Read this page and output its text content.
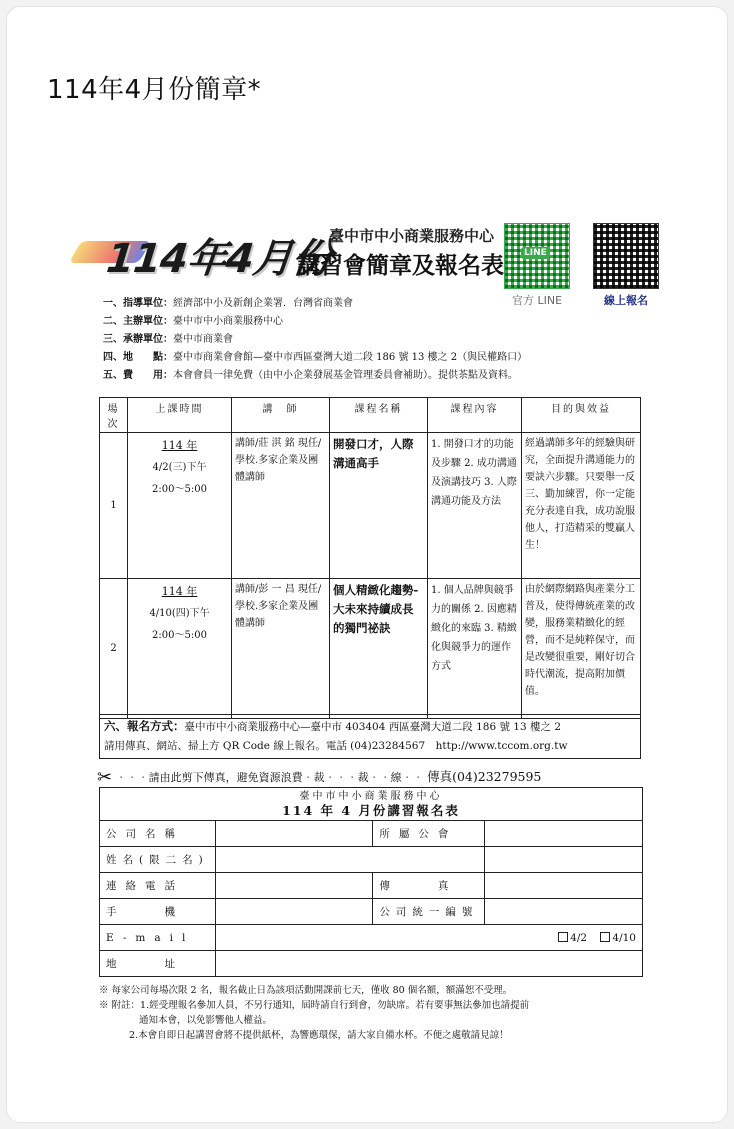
114年4月份簡章*
114年4月份
臺中市中小商業服務中心
講習會簡章及報名表	LINE
官方 LINE	線上報名
一、指導單位：經濟部中小及新創企業署．台灣省商業會
二、主辦單位：臺中市中小商業服務中心
三、承辦單位：臺中市商業會
四、地　　點：臺中市商業會會館—臺中市西區臺灣大道二段 186 號 13 樓之 2（與民權路口）
五、費　　用：本會會員一律免費（由中小企業發展基金管理委員會補助）。提供茶點及資料。
場次	上課時間	講　師	課程名稱	課程內容	目的與效益
1	114 年
4/2(三)下午
2:00～5:00	講師/莊 淇 銘 現任/學校.多家企業及團體講師	開發口才，人際溝通高手	1. 開發口才的功能及步驟 2. 成功溝通及演講技巧 3. 人際溝通功能及方法	經過講師多年的經驗與研究，全面提升溝通能力的要訣六步驟。只要舉一反三、勤加練習，你一定能充分表達自我，成功說服他人，打造精采的雙贏人生！
2	114 年
4/10(四)下午
2:00～5:00	講師/彭 一 昌 現任/學校.多家企業及團體講師	個人精緻化趨勢-大未來持續成長的獨門祕訣	1. 個人品牌與競爭力的關係 2. 因應精緻化的來臨 3. 精緻化與競爭力的運作方式	由於網際網路與產業分工普及，使得傳統產業的改變，服務業精緻化的經營，而不是純粹保守，而是改變很重要，剛好切合時代潮流，提高附加價值。
六、報名方式：臺中市中小商業服務中心—臺中市 403404 西區臺灣大道二段 186 號 13 樓之 2
請用傳真、網站、掃上方 QR Code 線上報名。電話 (04)23284567　http://www.tccom.org.tw
✂ ‧‧‧請由此剪下傳真，避免資源浪費‧裁‧‧‧裁‧‧線‧‧ 傳真(04)23279595
臺中市中小商業服務中心
114 年 4 月份講習報名表			

公司名稱		所屬公會	
姓名(限二名)			
連絡電話		傳　　真	
手　　機		公司統一編號	
E-mail	4/2 4/10		
地　　址			
※ 每家公司每場次限 2 名，報名截止日為該項活動開課前七天，僅收 80 個名額，額滿恕不受理。
※ 附註：1.經受理報名參加人員，不另行通知，屆時請自行到會，勿缺席。若有要事無法參加也請提前
通知本會，以免影響他人權益。
2.本會自即日起講習會將不提供紙杯，為響應環保，請大家自備水杯。不便之處敬請見諒！
